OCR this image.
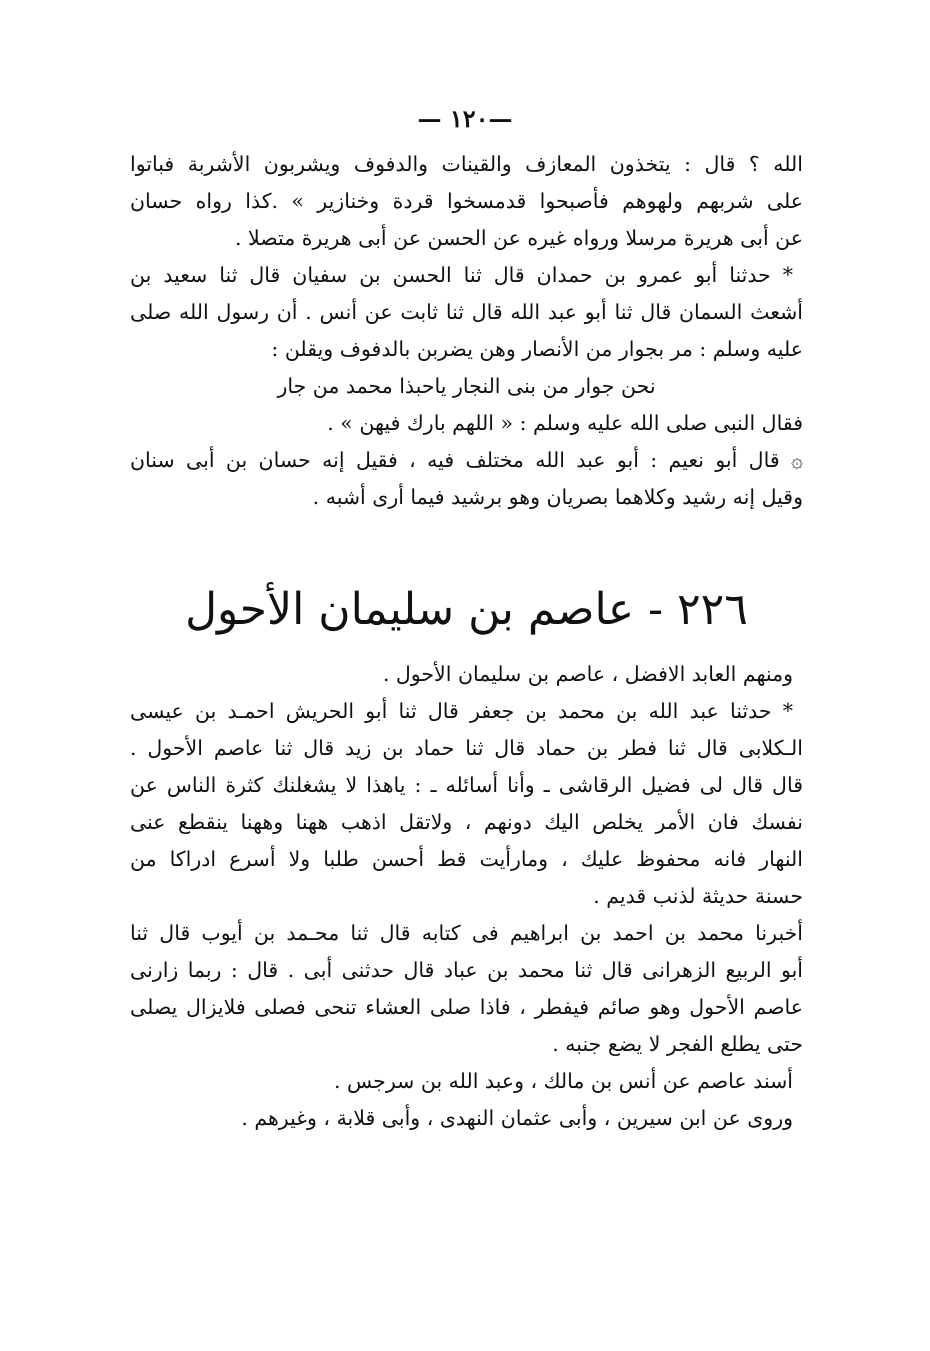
—١٢٠ —
الله ؟ قال : يتخذون المعازف والقينات والدفوف ويشربون الأشربة فباتوا
على شربهم ولهوهم فأصبحوا قدمسخوا قردة وخنازير » .كذا رواه حسان
عن أبى هريرة مرسلا ورواه غيره عن الحسن عن أبى هريرة متصلا .
* حدثنا أبو عمرو بن حمدان قال ثنا الحسن بن سفيان قال ثنا سعيد بن
أشعث السمان قال ثنا أبو عبد الله قال ثنا ثابت عن أنس . أن رسول الله صلى
عليه وسلم : مر بجوار من الأنصار وهن يضربن بالدفوف ويقلن :
نحن جوار من بنى النجار ياحبذا محمد من جار
فقال النبى صلى الله عليه وسلم : « اللهم بارك فيهن » .
۞ قال أبو نعيم : أبو عبد الله مختلف فيه ، فقيل إنه حسان بن أبى سنان
وقيل إنه رشيد وكلاهما بصريان وهو برشيد فيما أرى أشبه .
٢٢٦ - عاصم بن سليمان الأحول
ومنهم العابد الافضل ، عاصم بن سليمان الأحول .
* حدثنا عبد الله بن محمد بن جعفر قال ثنا أبو الحريش احمـد بن عيسى
الـكلابى قال ثنا فطر بن حماد قال ثنا حماد بن زيد قال ثنا عاصم الأحول .
قال قال لى فضيل الرقاشى ـ وأنا أسائله ـ : ياهذا لا يشغلنك كثرة الناس عن
نفسك فان الأمر يخلص اليك دونهم ، ولاتقل اذهب ههنا وههنا ينقطع عنى
النهار فانه محفوظ عليك ، ومارأيت قط أحسن طلبا ولا أسرع ادراكا من
حسنة حديثة لذنب قديم .
أخبرنا محمد بن احمد بن ابراهيم فى كتابه قال ثنا محـمد بن أيوب قال ثنا
أبو الربيع الزهرانى قال ثنا محمد بن عباد قال حدثنى أبى . قال : ربما زارنى
عاصم الأحول وهو صائم فيفطر ، فاذا صلى العشاء تنحى فصلى فلايزال يصلى
حتى يطلع الفجر لا يضع جنبه .
أسند عاصم عن أنس بن مالك ، وعبد الله بن سرجس .
وروى عن ابن سيرين ، وأبى عثمان النهدى ، وأبى قلابة ، وغيرهم .
